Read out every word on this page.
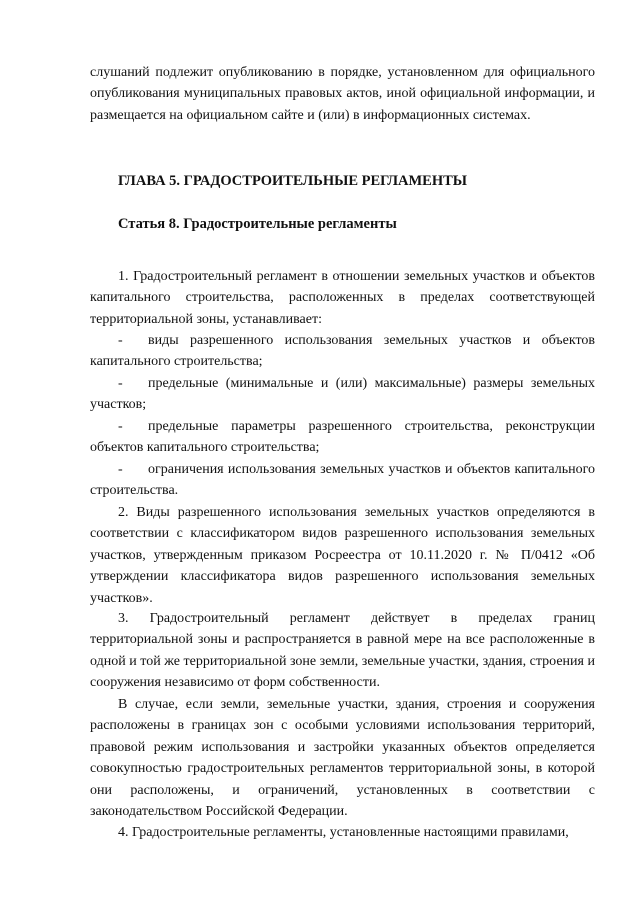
слушаний подлежит опубликованию в порядке, установленном для официального опубликования муниципальных правовых актов, иной официальной информации, и размещается на официальном сайте и (или) в информационных системах.
ГЛАВА 5. ГРАДОСТРОИТЕЛЬНЫЕ РЕГЛАМЕНТЫ
Статья 8. Градостроительные регламенты
1. Градостроительный регламент в отношении земельных участков и объектов капитального строительства, расположенных в пределах соответствующей территориальной зоны, устанавливает:
- виды разрешенного использования земельных участков и объектов капитального строительства;
- предельные (минимальные и (или) максимальные) размеры земельных участков;
- предельные параметры разрешенного строительства, реконструкции объектов капитального строительства;
- ограничения использования земельных участков и объектов капитального строительства.
2. Виды разрешенного использования земельных участков определяются в соответствии с классификатором видов разрешенного использования земельных участков, утвержденным приказом Росреестра от 10.11.2020 г. № П/0412 «Об утверждении классификатора видов разрешенного использования земельных участков».
3. Градостроительный регламент действует в пределах границ территориальной зоны и распространяется в равной мере на все расположенные в одной и той же территориальной зоне земли, земельные участки, здания, строения и сооружения независимо от форм собственности.
В случае, если земли, земельные участки, здания, строения и сооружения расположены в границах зон с особыми условиями использования территорий, правовой режим использования и застройки указанных объектов определяется совокупностью градостроительных регламентов территориальной зоны, в которой они расположены, и ограничений, установленных в соответствии с законодательством Российской Федерации.
4. Градостроительные регламенты, установленные настоящими правилами,
